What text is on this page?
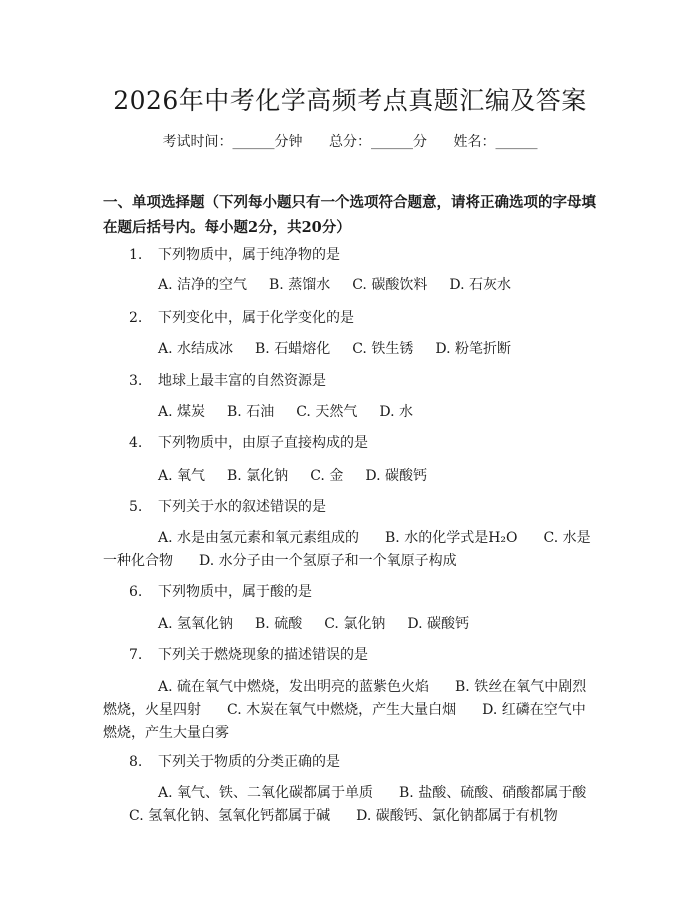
2026年中考化学高频考点真题汇编及答案
考试时间：______分钟 总分：______分 姓名：______
一、单项选择题（下列每小题只有一个选项符合题意，请将正确选项的字母填在题后括号内。每小题2分，共20分）
1. 下列物质中，属于纯净物的是
A. 洁净的空气 B. 蒸馏水 C. 碳酸饮料 D. 石灰水
2. 下列变化中，属于化学变化的是
A. 水结成冰 B. 石蜡熔化 C. 铁生锈 D. 粉笔折断
3. 地球上最丰富的自然资源是
A. 煤炭 B. 石油 C. 天然气 D. 水
4. 下列物质中，由原子直接构成的是
A. 氧气 B. 氯化钠 C. 金 D. 碳酸钙
5. 下列关于水的叙述错误的是
A. 水是由氢元素和氧元素组成的 B. 水的化学式是H₂O C. 水是一种化合物 D. 水分子由一个氢原子和一个氧原子构成
6. 下列物质中，属于酸的是
A. 氢氧化钠 B. 硫酸 C. 氯化钠 D. 碳酸钙
7. 下列关于燃烧现象的描述错误的是
A. 硫在氧气中燃烧，发出明亮的蓝紫色火焰 B. 铁丝在氧气中剧烈燃烧，火星四射 C. 木炭在氧气中燃烧，产生大量白烟 D. 红磷在空气中燃烧，产生大量白雾
8. 下列关于物质的分类正确的是
A. 氧气、铁、二氧化碳都属于单质 B. 盐酸、硫酸、硝酸都属于酸C. 氢氧化钠、氢氧化钙都属于碱 D. 碳酸钙、氯化钠都属于有机物
